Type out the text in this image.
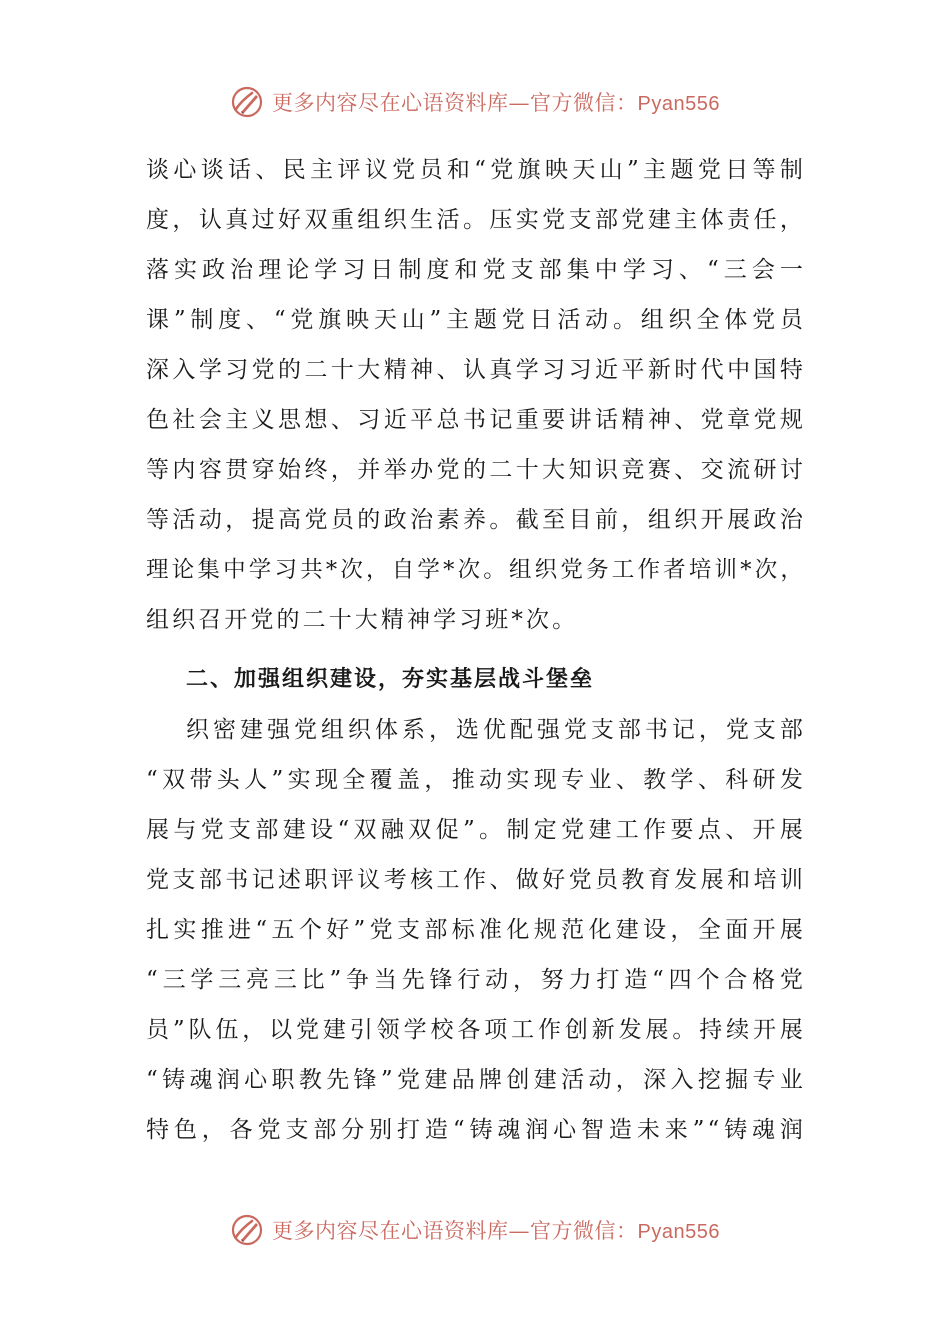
更多内容尽在心语资料库—官方微信：Pyan556

谈心谈话、民主评议党员和“党旗映天山”主题党日等制
度，认真过好双重组织生活。压实党支部党建主体责任，
落实政治理论学习日制度和党支部集中学习、“三会一
课”制度、“党旗映天山”主题党日活动。组织全体党员
深入学习党的二十大精神、认真学习习近平新时代中国特
色社会主义思想、习近平总书记重要讲话精神、党章党规
等内容贯穿始终，并举办党的二十大知识竞赛、交流研讨
等活动，提高党员的政治素养。截至目前，组织开展政治
理论集中学习共*次，自学*次。组织党务工作者培训*次，
组织召开党的二十大精神学习班*次。

二、加强组织建设，夯实基层战斗堡垒

织密建强党组织体系，选优配强党支部书记，党支部
“双带头人”实现全覆盖，推动实现专业、教学、科研发
展与党支部建设“双融双促”。制定党建工作要点、开展
党支部书记述职评议考核工作、做好党员教育发展和培训
扎实推进“五个好”党支部标准化规范化建设，全面开展
“三学三亮三比”争当先锋行动，努力打造“四个合格党
员”队伍，以党建引领学校各项工作创新发展。持续开展
“铸魂润心职教先锋”党建品牌创建活动，深入挖掘专业
特色，各党支部分别打造“铸魂润心智造未来”“铸魂润

更多内容尽在心语资料库—官方微信：Pyan556
